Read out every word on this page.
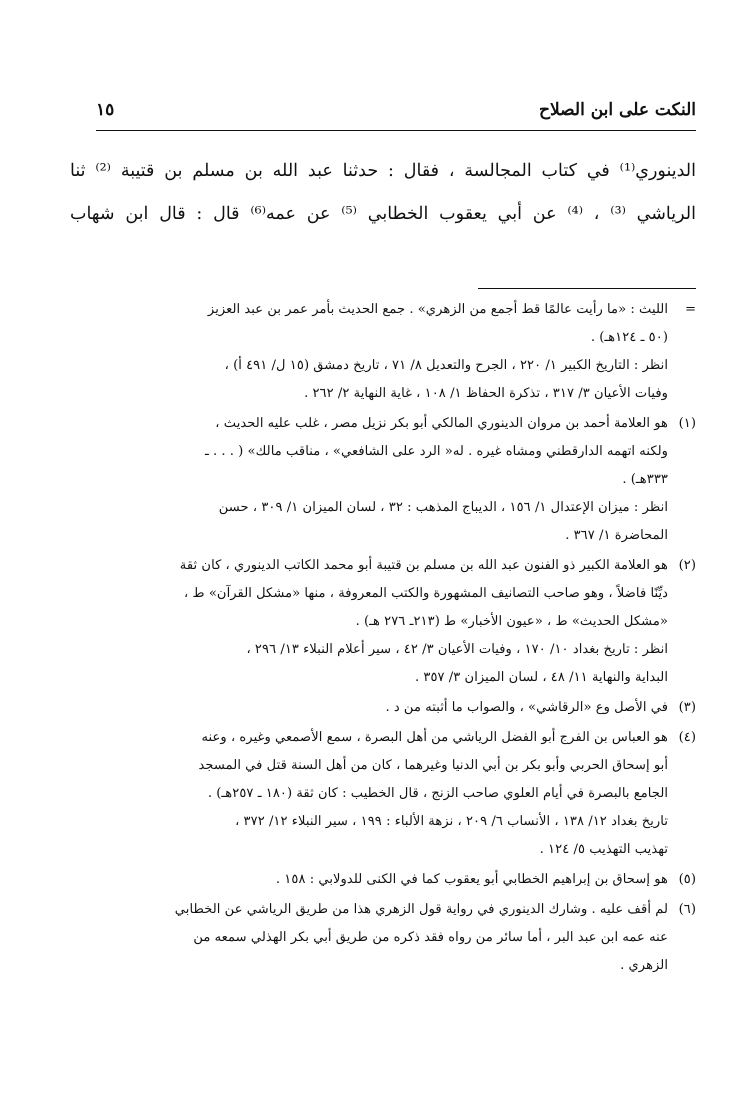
النكت على ابن الصلاح
١٥
الدينوري⁽¹⁾ في كتاب المجالسة ، فقال : حدثنا عبد الله بن مسلم بن قتيبة ⁽²⁾ ثنا
الرياشي ⁽³⁾ ، ⁽⁴⁾ عن أبي يعقوب الخطابي ⁽⁵⁾ عن عمه⁽⁶⁾ قال : قال ابن شهاب
=
الليث : «ما رأيت عالمًا قط أجمع من الزهري» . جمع الحديث بأمر عمر بن عبد العزيز
(٥٠ ـ ١٢٤هـ) .
انظر : التاريخ الكبير ١/ ٢٢٠ ، الجرح والتعديل ٨/ ٧١ ، تاريخ دمشق (١٥ ل/ ٤٩١ أ) ،
وفيات الأعيان ٣/ ٣١٧ ، تذكرة الحفاظ ١/ ١٠٨ ، غاية النهاية ٢/ ٢٦٢ .
(١)
هو العلامة أحمد بن مروان الدينوري المالكي أبو بكر نزيل مصر ، غلب عليه الحديث ،
ولكنه اتهمه الدارقطني ومشاه غيره . له« الرد على الشافعي» ، مناقب مالك» ( . . . ـ
٣٣٣هـ) .
انظر : ميزان الإعتدال ١/ ١٥٦ ، الديباج المذهب : ٣٢ ، لسان الميزان ١/ ٣٠٩ ، حسن
المحاضرة ١/ ٣٦٧ .
(٢)
هو العلامة الكبير ذو الفنون عبد الله بن مسلم بن قتيبة أبو محمد الكاتب الدينوري ، كان ثقة
ديِّنًا فاضلاً ، وهو صاحب التصانيف المشهورة والكتب المعروفة ، منها «مشكل القرآن» ط ،
«مشكل الحديث» ط ، «عيون الأخبار» ط (٢١٣ـ ٢٧٦ هـ) .
انظر : تاريخ بغداد ١٠/ ١٧٠ ، وفيات الأعيان ٣/ ٤٢ ، سير أعلام النبلاء ١٣/ ٢٩٦ ،
البداية والنهاية ١١/ ٤٨ ، لسان الميزان ٣/ ٣٥٧ .
(٣)
في الأصل وع «الرقاشي» ، والصواب ما أثبته من د .
(٤)
هو العباس بن الفرج أبو الفضل الرياشي من أهل البصرة ، سمع الأصمعي وغيره ، وعنه
أبو إسحاق الحربي وأبو بكر بن أبي الدنيا وغيرهما ، كان من أهل السنة قتل في المسجد
الجامع بالبصرة في أيام العلوي صاحب الزنج ، قال الخطيب : كان ثقة (١٨٠ ـ ٢٥٧هـ) .
تاريخ بغداد ١٢/ ١٣٨ ، الأنساب ٦/ ٢٠٩ ، نزهة الألباء : ١٩٩ ، سير النبلاء ١٢/ ٣٧٢ ،
تهذيب التهذيب ٥/ ١٢٤ .
(٥)
هو إسحاق بن إبراهيم الخطابي أبو يعقوب كما في الكنى للدولابي : ١٥٨ .
(٦)
لم أقف عليه . وشارك الدينوري في رواية قول الزهري هذا من طريق الرياشي عن الخطابي
عنه عمه ابن عبد البر ، أما سائر من رواه فقد ذكره من طريق أبي بكر الهذلي سمعه من
الزهري .
